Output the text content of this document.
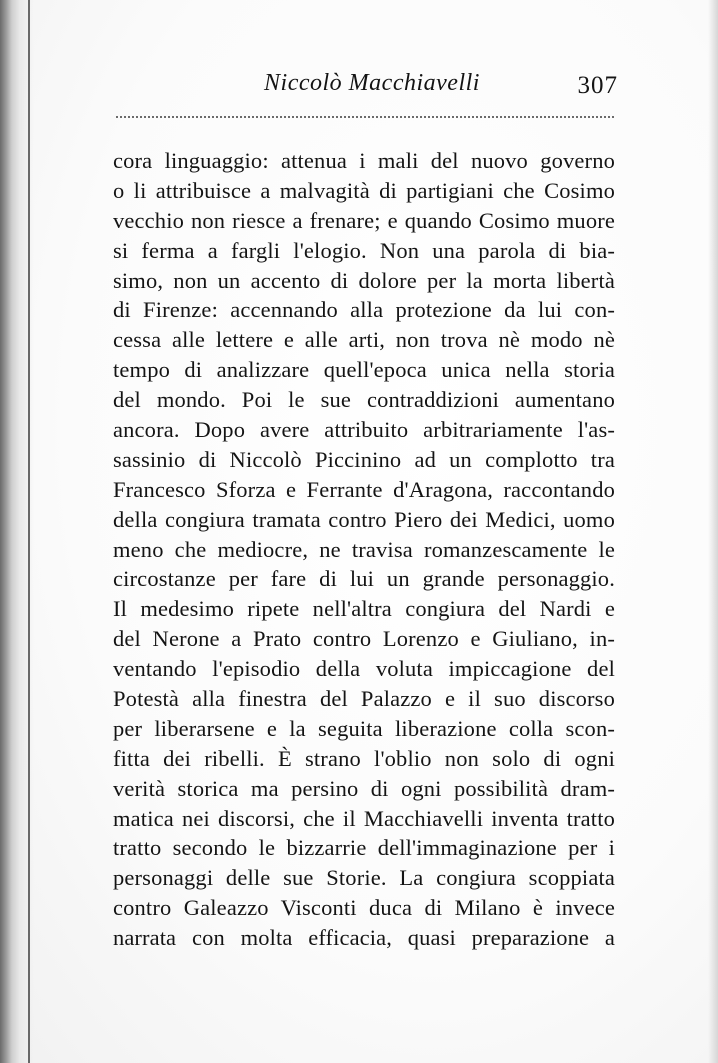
Niccolò Macchiavelli	307
cora linguaggio: attenua i mali del nuovo governo
o li attribuisce a malvagità di partigiani che Cosimo
vecchio non riesce a frenare; e quando Cosimo muore
si ferma a fargli l'elogio. Non una parola di bia-
simo, non un accento di dolore per la morta libertà
di Firenze: accennando alla protezione da lui con-
cessa alle lettere e alle arti, non trova nè modo nè
tempo di analizzare quell'epoca unica nella storia
del mondo. Poi le sue contraddizioni aumentano
ancora. Dopo avere attribuito arbitrariamente l'as-
sassinio di Niccolò Piccinino ad un complotto tra
Francesco Sforza e Ferrante d'Aragona, raccontando
della congiura tramata contro Piero dei Medici, uomo
meno che mediocre, ne travisa romanzescamente le
circostanze per fare di lui un grande personaggio.
Il medesimo ripete nell'altra congiura del Nardi e
del Nerone a Prato contro Lorenzo e Giuliano, in-
ventando l'episodio della voluta impiccagione del
Potestà alla finestra del Palazzo e il suo discorso
per liberarsene e la seguita liberazione colla scon-
fitta dei ribelli. È strano l'oblio non solo di ogni
verità storica ma persino di ogni possibilità dram-
matica nei discorsi, che il Macchiavelli inventa tratto
tratto secondo le bizzarrie dell'immaginazione per i
personaggi delle sue Storie. La congiura scoppiata
contro Galeazzo Visconti duca di Milano è invece
narrata con molta efficacia, quasi preparazione a
